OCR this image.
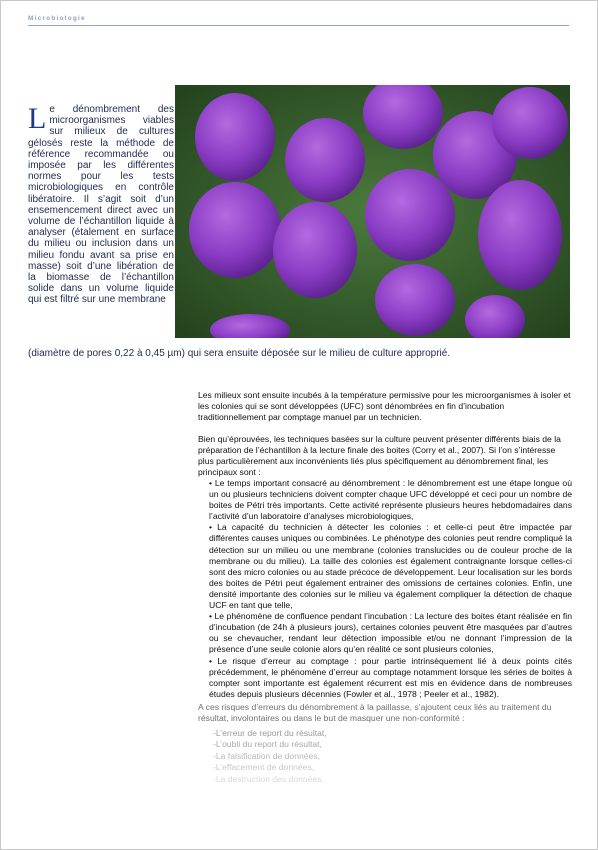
Microbiologie
Le dénombrement des microorganismes viables sur milieux de cultures gélosés reste la méthode de référence recommandée ou imposée par les différentes normes pour les tests microbiologiques en contrôle libératoire. Il s’agit soit d’un ensemencement direct avec un volume de l’échantillon liquide à analyser (étalement en surface du milieu ou inclusion dans un milieu fondu avant sa prise en masse) soit d’une libération de la biomasse de l’échantillon solide dans un volume liquide qui est filtré sur une membrane
(diamètre de pores 0,22 à 0,45 µm) qui sera ensuite déposée sur le milieu de culture approprié.
Les milieux sont ensuite incubés à la température permissive pour les microorganismes à isoler et les colonies qui se sont développées (UFC) sont dénombrées en fin d’incubation traditionnellement par comptage manuel par un technicien.
Bien qu’éprouvées, les techniques basées sur la culture peuvent présenter différents biais de la préparation de l’échantillon à la lecture finale des boites (Corry et al., 2007). Si l’on s’intéresse plus particulièrement aux inconvénients liés plus spécifiquement au dénombrement final, les principaux sont :

• Le temps important consacré au dénombrement : le dénombrement est une étape longue où un ou plusieurs techniciens doivent compter chaque UFC développé et ceci pour un nombre de boites de Pétri très importants. Cette activité représente plusieurs heures hebdomadaires dans l’activité d’un laboratoire d’analyses microbiologiques,

• La capacité du technicien à détecter les colonies : et celle-ci peut être impactée par différentes causes uniques ou combinées. Le phénotype des colonies peut rendre compliqué la détection sur un milieu ou une membrane (colonies translucides ou de couleur proche de la membrane ou du milieu). La taille des colonies est également contraignante lorsque celles-ci sont des micro colonies ou au stade précoce de développement. Leur localisation sur les bords des boites de Pétri peut également entrainer des omissions de certaines colonies. Enfin, une densité importante des colonies sur le milieu va également compliquer la détection de chaque UCF en tant que telle,

• Le phénomène de confluence pendant l’incubation : La lecture des boites étant réalisée en fin d’incubation (de 24h à plusieurs jours), certaines colonies peuvent être masquées par d’autres ou se chevaucher, rendant leur détection impossible et/ou ne donnant l’impression de la présence d’une seule colonie alors qu’en réalité ce sont plusieurs colonies,

• Le risque d’erreur au comptage : pour partie intrinsèquement lié à deux points cités précédemment, le phénomène d’erreur au comptage notamment lorsque les séries de boites à compter sont importante est également récurrent est mis en évidence dans de nombreuses études depuis plusieurs décennies (Fowler et al., 1978 ; Peeler et al., 1982).

A ces risques d’erreurs du dénombrement à la paillasse, s’ajoutent ceux liés au traitement du résultat, involontaires ou dans le but de masquer une non-conformité :
-L’erreur de report du résultat,
-L’oubli du report du résultat,
-La falsification de données,
-L’effacement de données,
-La destruction des données.
